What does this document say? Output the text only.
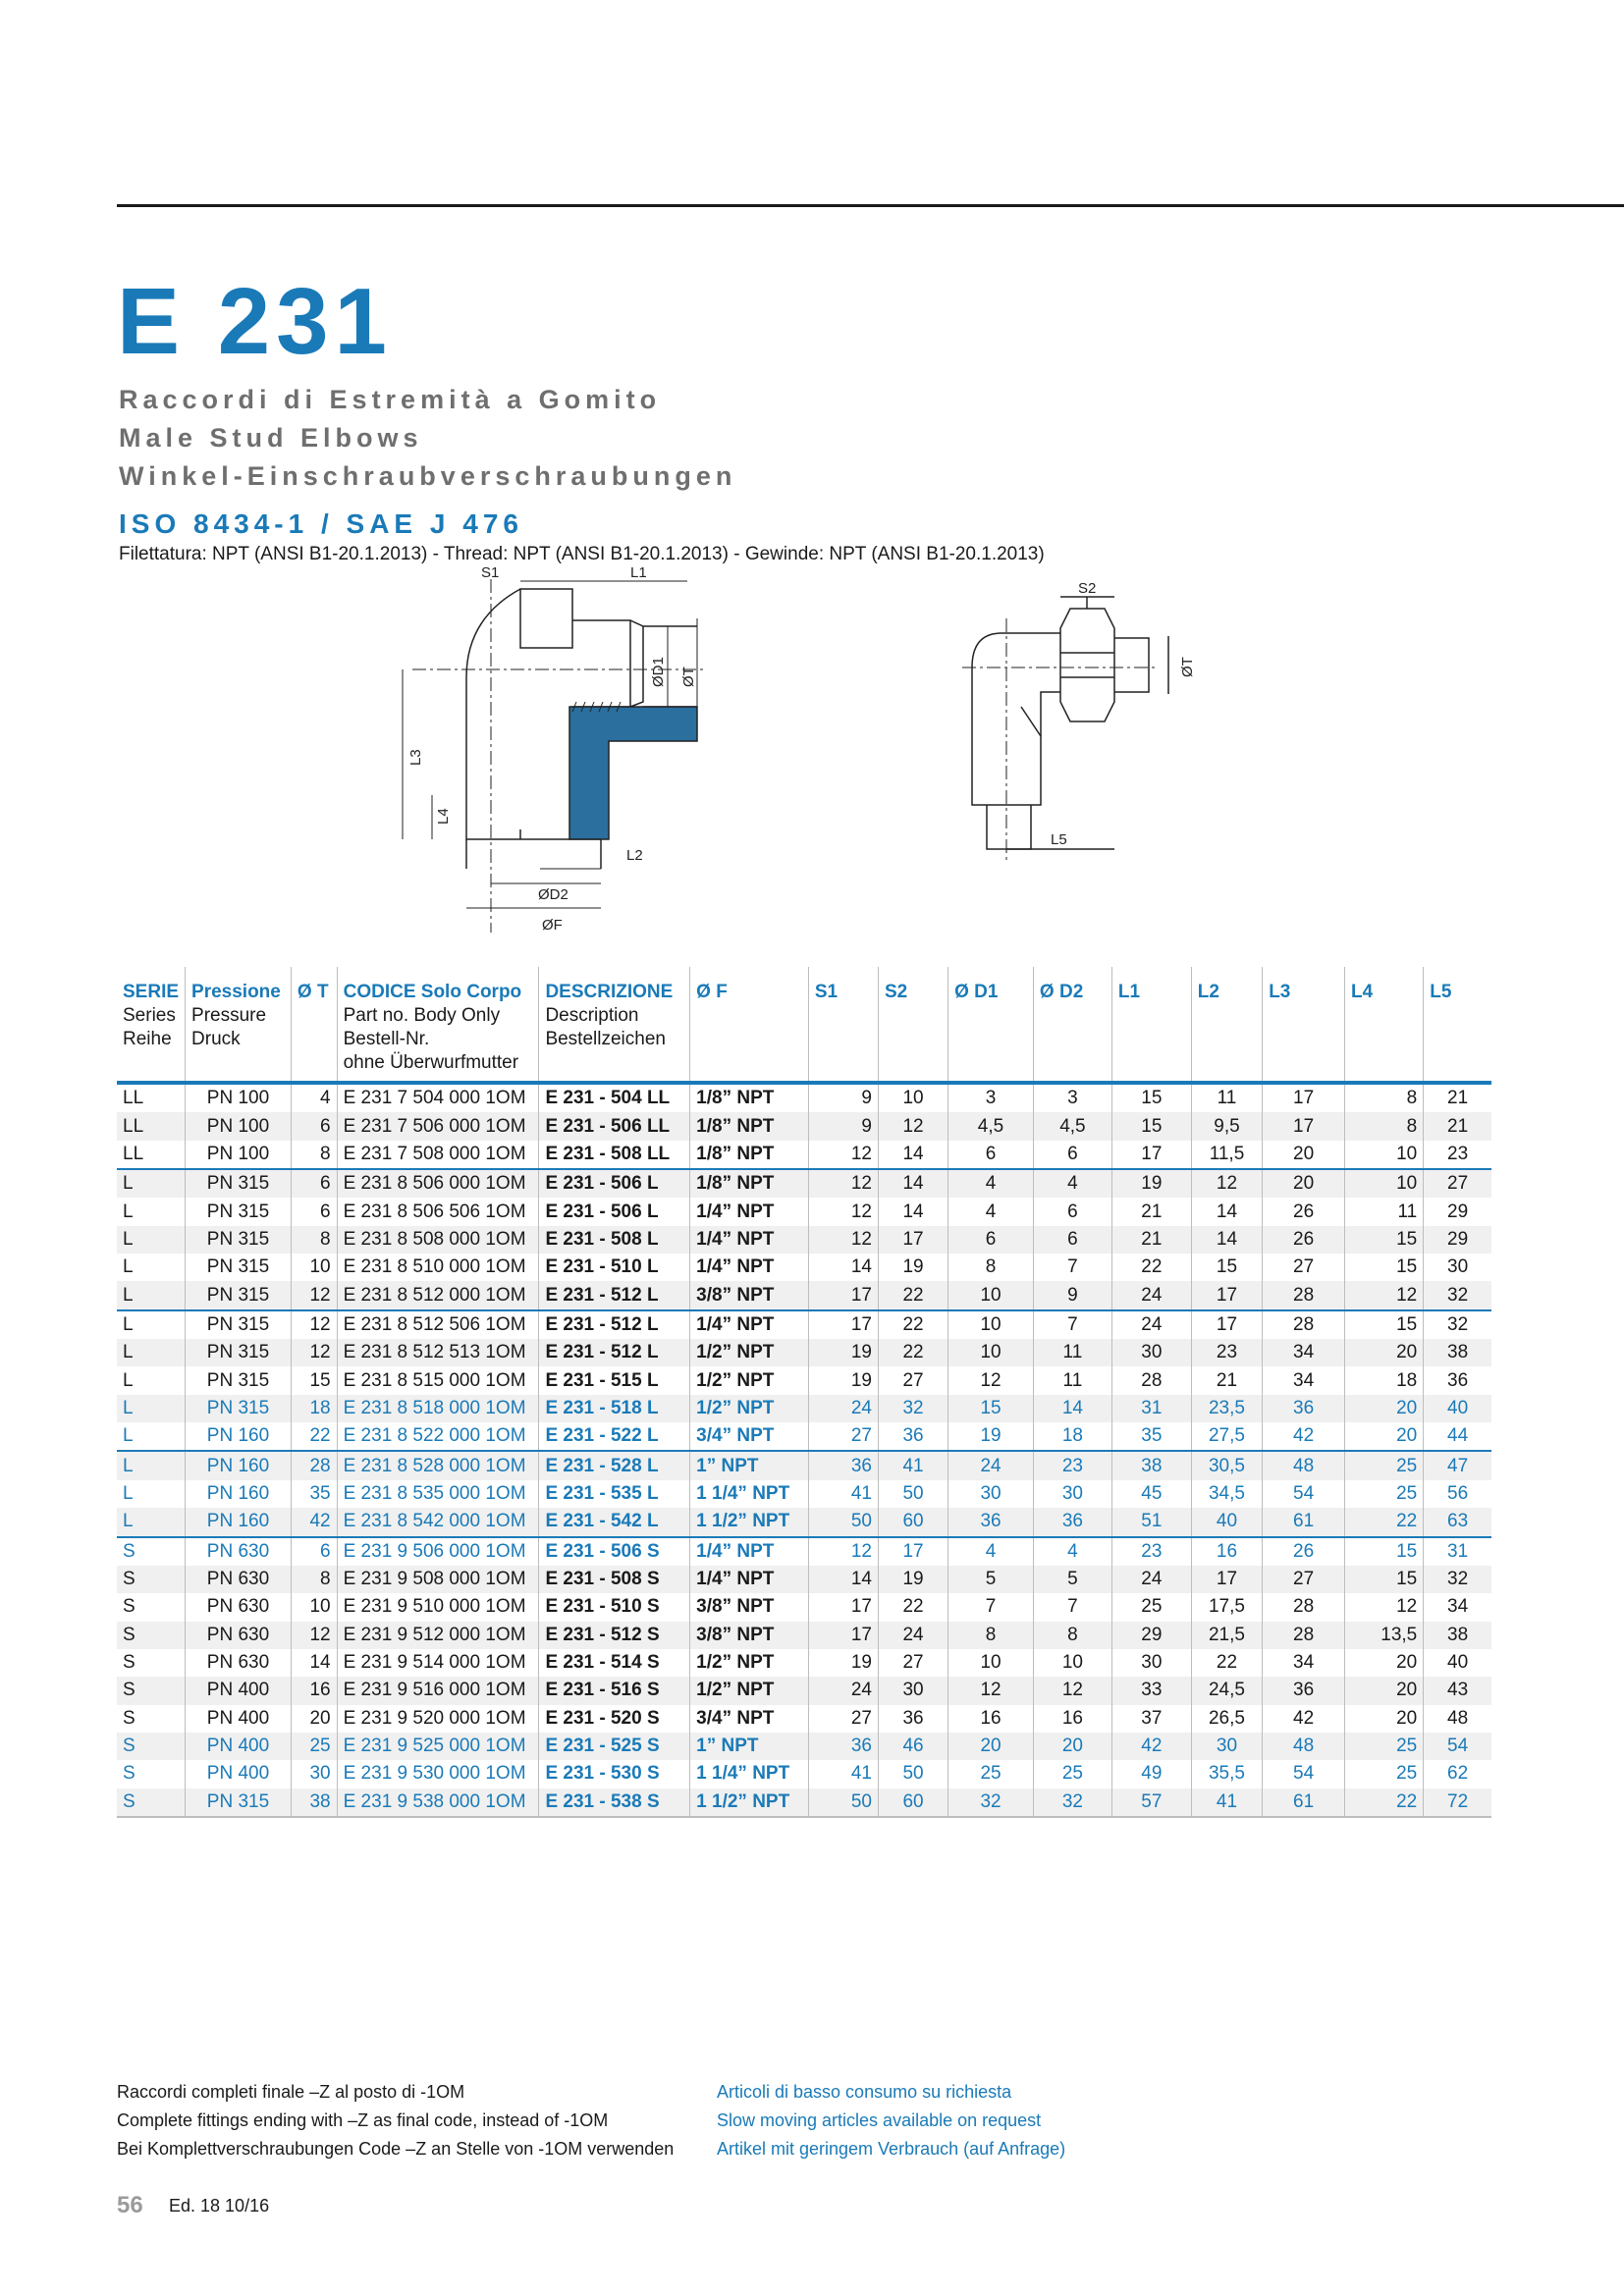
E 231
Raccordi di Estremità a Gomito
Male Stud Elbows
Winkel-Einschraubverschraubungen
ISO 8434-1 / SAE J 476
Filettatura: NPT (ANSI B1-20.1.2013) - Thread: NPT (ANSI B1-20.1.2013) - Gewinde: NPT (ANSI B1-20.1.2013)
S1	L1
ØD1 ØT
L3
L4
L2
ØD2
ØF
S2
ØT
L5
SERIE
Series
Reihe	Pressione
Pressure
Druck	Ø T	CODICE Solo Corpo
Part no. Body Only
Bestell-Nr.
ohne Überwurfmutter	DESCRIZIONE
Description
Bestellzeichen	Ø F	S1	S2	Ø D1	Ø D2	L1	L2	L3	L4	L5

LL	PN 100	4	E 231 7 504 000 1OM	E 231 - 504 LL	1/8” NPT	9	10	3	3	15	11	17	8	21
LL	PN 100	6	E 231 7 506 000 1OM	E 231 - 506 LL	1/8” NPT	9	12	4,5	4,5	15	9,5	17	8	21
LL	PN 100	8	E 231 7 508 000 1OM	E 231 - 508 LL	1/8” NPT	12	14	6	6	17	11,5	20	10	23
L	PN 315	6	E 231 8 506 000 1OM	E 231 - 506 L	1/8” NPT	12	14	4	4	19	12	20	10	27
L	PN 315	6	E 231 8 506 506 1OM	E 231 - 506 L	1/4” NPT	12	14	4	6	21	14	26	11	29
L	PN 315	8	E 231 8 508 000 1OM	E 231 - 508 L	1/4” NPT	12	17	6	6	21	14	26	15	29
L	PN 315	10	E 231 8 510 000 1OM	E 231 - 510 L	1/4” NPT	14	19	8	7	22	15	27	15	30
L	PN 315	12	E 231 8 512 000 1OM	E 231 - 512 L	3/8” NPT	17	22	10	9	24	17	28	12	32
L	PN 315	12	E 231 8 512 506 1OM	E 231 - 512 L	1/4” NPT	17	22	10	7	24	17	28	15	32
L	PN 315	12	E 231 8 512 513 1OM	E 231 - 512 L	1/2” NPT	19	22	10	11	30	23	34	20	38
L	PN 315	15	E 231 8 515 000 1OM	E 231 - 515 L	1/2” NPT	19	27	12	11	28	21	34	18	36
L	PN 315	18	E 231 8 518 000 1OM	E 231 - 518 L	1/2” NPT	24	32	15	14	31	23,5	36	20	40
L	PN 160	22	E 231 8 522 000 1OM	E 231 - 522 L	3/4” NPT	27	36	19	18	35	27,5	42	20	44
L	PN 160	28	E 231 8 528 000 1OM	E 231 - 528 L	1” NPT	36	41	24	23	38	30,5	48	25	47
L	PN 160	35	E 231 8 535 000 1OM	E 231 - 535 L	1 1/4” NPT	41	50	30	30	45	34,5	54	25	56
L	PN 160	42	E 231 8 542 000 1OM	E 231 - 542 L	1 1/2” NPT	50	60	36	36	51	40	61	22	63
S	PN 630	6	E 231 9 506 000 1OM	E 231 - 506 S	1/4” NPT	12	17	4	4	23	16	26	15	31
S	PN 630	8	E 231 9 508 000 1OM	E 231 - 508 S	1/4” NPT	14	19	5	5	24	17	27	15	32
S	PN 630	10	E 231 9 510 000 1OM	E 231 - 510 S	3/8” NPT	17	22	7	7	25	17,5	28	12	34
S	PN 630	12	E 231 9 512 000 1OM	E 231 - 512 S	3/8” NPT	17	24	8	8	29	21,5	28	13,5	38
S	PN 630	14	E 231 9 514 000 1OM	E 231 - 514 S	1/2” NPT	19	27	10	10	30	22	34	20	40
S	PN 400	16	E 231 9 516 000 1OM	E 231 - 516 S	1/2” NPT	24	30	12	12	33	24,5	36	20	43
S	PN 400	20	E 231 9 520 000 1OM	E 231 - 520 S	3/4” NPT	27	36	16	16	37	26,5	42	20	48
S	PN 400	25	E 231 9 525 000 1OM	E 231 - 525 S	1” NPT	36	46	20	20	42	30	48	25	54
S	PN 400	30	E 231 9 530 000 1OM	E 231 - 530 S	1 1/4” NPT	41	50	25	25	49	35,5	54	25	62
S	PN 315	38	E 231 9 538 000 1OM	E 231 - 538 S	1 1/2” NPT	50	60	32	32	57	41	61	22	72
Raccordi completi finale –Z al posto di -1OM
Complete fittings ending with –Z as final code, instead of -1OM
Bei Komplettverschraubungen Code –Z an Stelle von -1OM verwenden
Articoli di basso consumo su richiesta
Slow moving articles available on request
Artikel mit geringem Verbrauch (auf Anfrage)
56 Ed. 18 10/16
